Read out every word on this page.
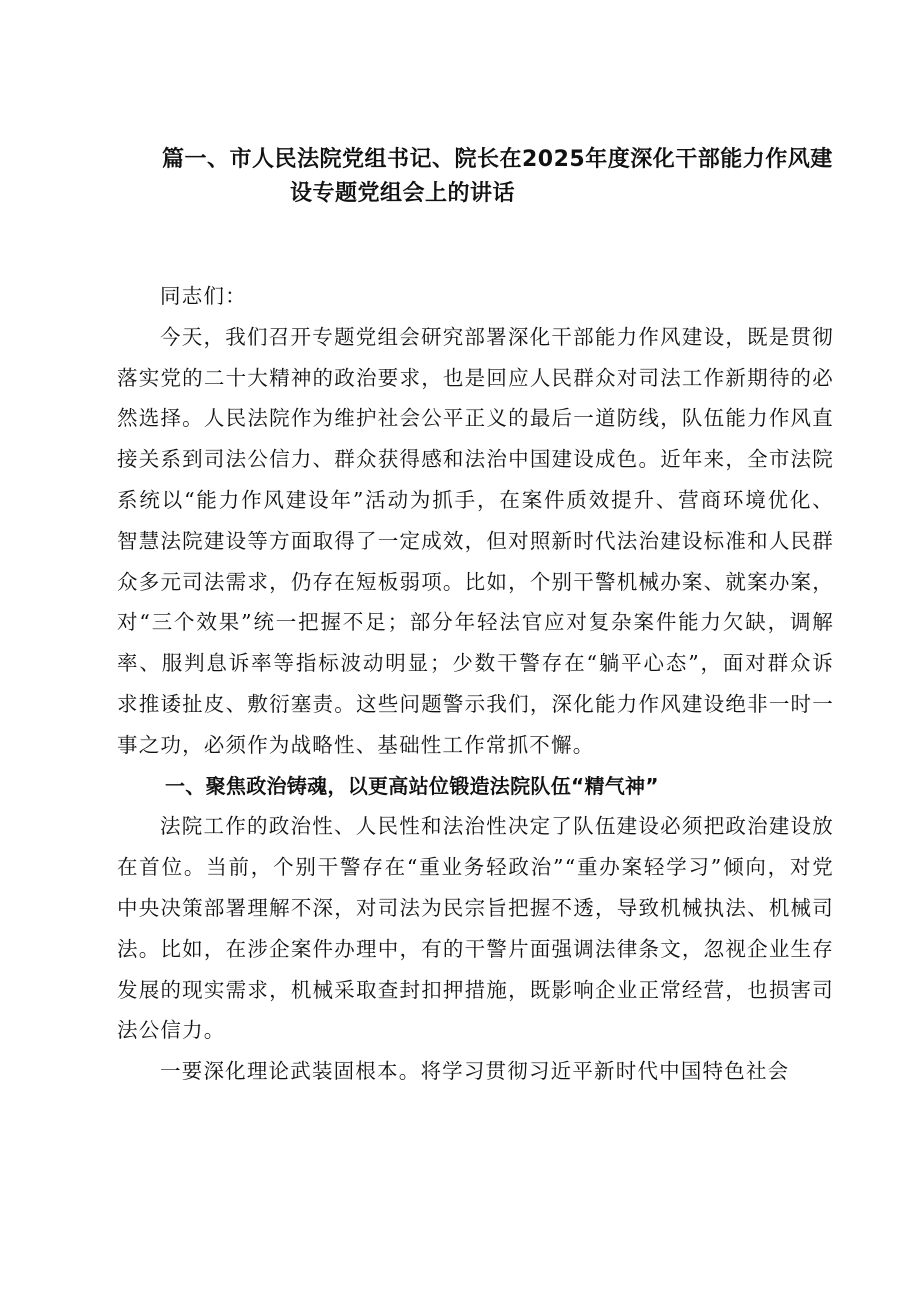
篇一、市人民法院党组书记、院长在2025年度深化干部能力作风建
设专题党组会上的讲话

同志们：

今天，我们召开专题党组会研究部署深化干部能力作风建设，既是贯彻落实党的二十大精神的政治要求，也是回应人民群众对司法工作新期待的必然选择。人民法院作为维护社会公平正义的最后一道防线，队伍能力作风直接关系到司法公信力、群众获得感和法治中国建设成色。近年来，全市法院系统以“能力作风建设年”活动为抓手，在案件质效提升、营商环境优化、智慧法院建设等方面取得了一定成效，但对照新时代法治建设标准和人民群众多元司法需求，仍存在短板弱项。比如，个别干警机械办案、就案办案，对“三个效果”统一把握不足；部分年轻法官应对复杂案件能力欠缺，调解率、服判息诉率等指标波动明显；少数干警存在“躺平心态”，面对群众诉求推诿扯皮、敷衍塞责。这些问题警示我们，深化能力作风建设绝非一时一事之功，必须作为战略性、基础性工作常抓不懈。

一、聚焦政治铸魂，以更高站位锻造法院队伍“精气神”

法院工作的政治性、人民性和法治性决定了队伍建设必须把政治建设放在首位。当前，个别干警存在“重业务轻政治”“重办案轻学习”倾向，对党中央决策部署理解不深，对司法为民宗旨把握不透，导致机械执法、机械司法。比如，在涉企案件办理中，有的干警片面强调法律条文，忽视企业生存发展的现实需求，机械采取查封扣押措施，既影响企业正常经营，也损害司法公信力。

一要深化理论武装固根本。将学习贯彻习近平新时代中国特色社会
